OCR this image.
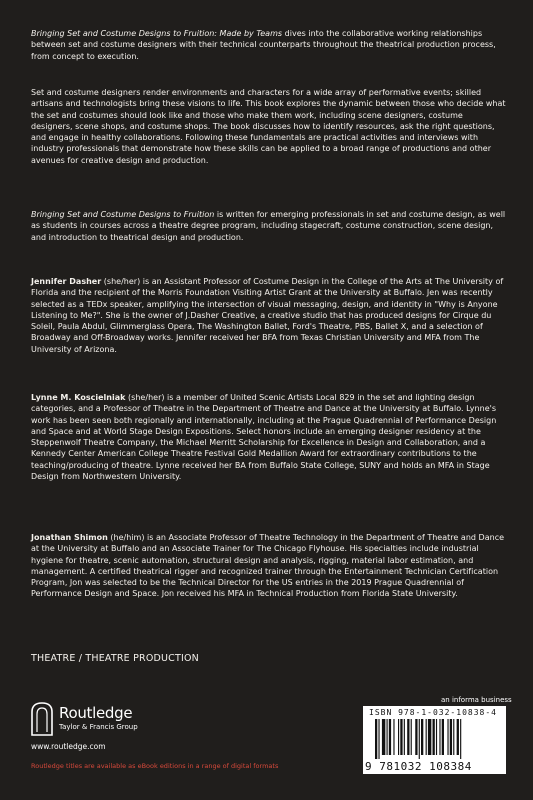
Bringing Set and Costume Designs to Fruition: Made by Teams dives into the collaborative working relationships between set and costume designers with their technical counterparts throughout the theatrical production process, from concept to execution.

Set and costume designers render environments and characters for a wide array of performative events; skilled artisans and technologists bring these visions to life. This book explores the dynamic between those who decide what the set and costumes should look like and those who make them work, including scene designers, costume designers, scene shops, and costume shops. The book discusses how to identify resources, ask the right questions, and engage in healthy collaborations. Following these fundamentals are practical activities and interviews with industry professionals that demonstrate how these skills can be applied to a broad range of productions and other avenues for creative design and production.

Bringing Set and Costume Designs to Fruition is written for emerging professionals in set and costume design, as well as students in courses across a theatre degree program, including stagecraft, costume construction, scene design, and introduction to theatrical design and production.

Jennifer Dasher (she/her) is an Assistant Professor of Costume Design in the College of the Arts at The University of Florida and the recipient of the Morris Foundation Visiting Artist Grant at the University at Buffalo. Jen was recently selected as a TEDx speaker, amplifying the intersection of visual messaging, design, and identity in "Why is Anyone Listening to Me?". She is the owner of J.Dasher Creative, a creative studio that has produced designs for Cirque du Soleil, Paula Abdul, Glimmerglass Opera, The Washington Ballet, Ford's Theatre, PBS, Ballet X, and a selection of Broadway and Off-Broadway works. Jennifer received her BFA from Texas Christian University and MFA from The University of Arizona.

Lynne M. Koscielniak (she/her) is a member of United Scenic Artists Local 829 in the set and lighting design categories, and a Professor of Theatre in the Department of Theatre and Dance at the University at Buffalo. Lynne's work has been seen both regionally and internationally, including at the Prague Quadrennial of Performance Design and Space and at World Stage Design Expositions. Select honors include an emerging designer residency at the Steppenwolf Theatre Company, the Michael Merritt Scholarship for Excellence in Design and Collaboration, and a Kennedy Center American College Theatre Festival Gold Medallion Award for extraordinary contributions to the teaching/producing of theatre. Lynne received her BA from Buffalo State College, SUNY and holds an MFA in Stage Design from Northwestern University.

Jonathan Shimon (he/him) is an Associate Professor of Theatre Technology in the Department of Theatre and Dance at the University at Buffalo and an Associate Trainer for The Chicago Flyhouse. His specialties include industrial hygiene for theatre, scenic automation, structural design and analysis, rigging, material labor estimation, and management. A certified theatrical rigger and recognized trainer through the Entertainment Technician Certification Program, Jon was selected to be the Technical Director for the US entries in the 2019 Prague Quadrennial of Performance Design and Space. Jon received his MFA in Technical Production from Florida State University.

THEATRE / THEATRE PRODUCTION
Routledge
Taylor & Francis Group
www.routledge.com
Routledge titles are available as eBook editions in a range of digital formats
an informa business
ISBN 978-1-032-10838-4
9 781032 108384
